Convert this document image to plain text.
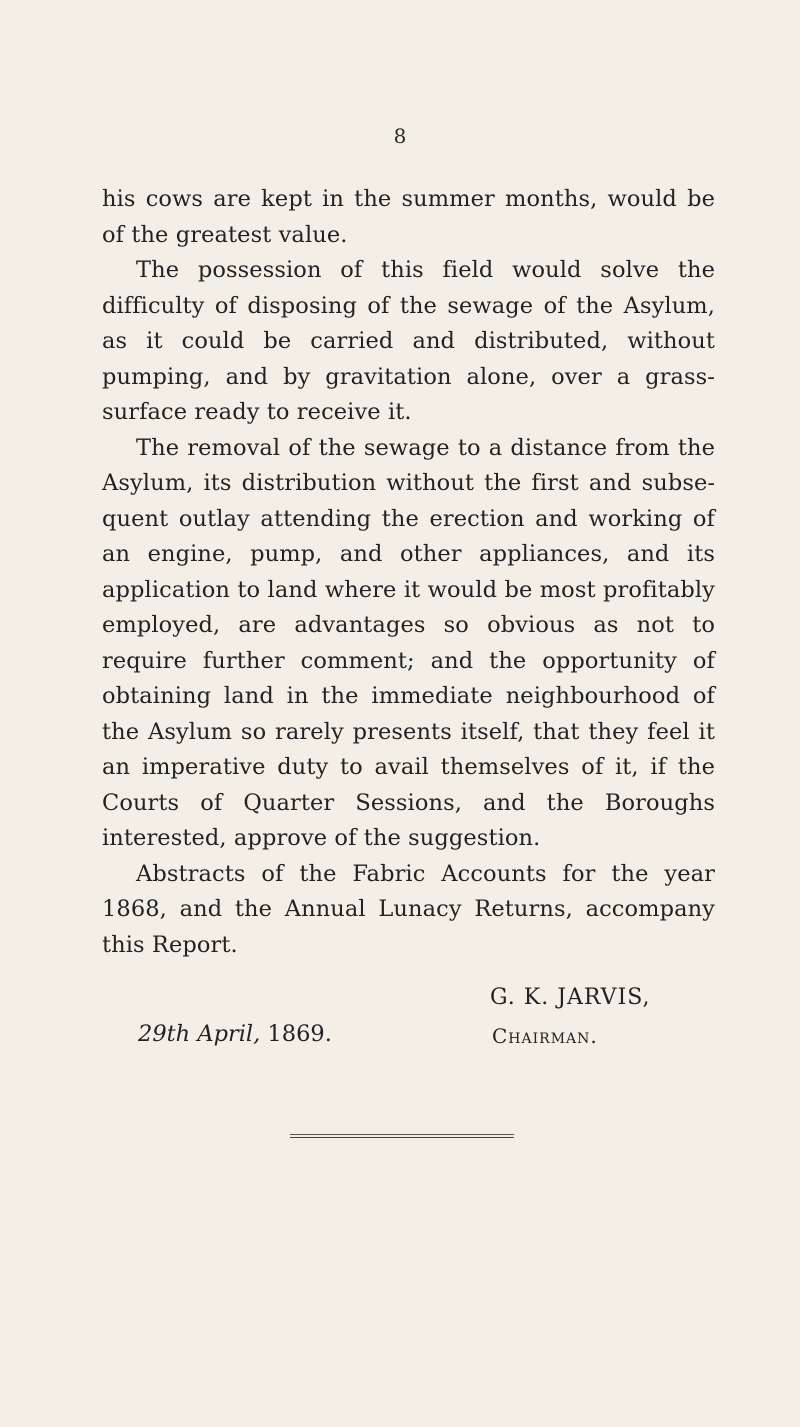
8

his cows are kept in the summer months, would be of the greatest value.

The possession of this field would solve the difficulty of disposing of the sewage of the Asylum, as it could be carried and distributed, without pumping, and by gravitation alone, over a grass-surface ready to receive it.

The removal of the sewage to a distance from the Asylum, its distribution without the first and subsequent outlay attending the erection and working of an engine, pump, and other appliances, and its application to land where it would be most profitably employed, are advantages so obvious as not to require further comment; and the opportunity of obtaining land in the immediate neighbourhood of the Asylum so rarely presents itself, that they feel it an imperative duty to avail themselves of it, if the Courts of Quarter Sessions, and the Boroughs interested, approve of the suggestion.

Abstracts of the Fabric Accounts for the year 1868, and the Annual Lunacy Returns, accompany this Report.

G. K. JARVIS,
29th April, 1869.	Chairman.
